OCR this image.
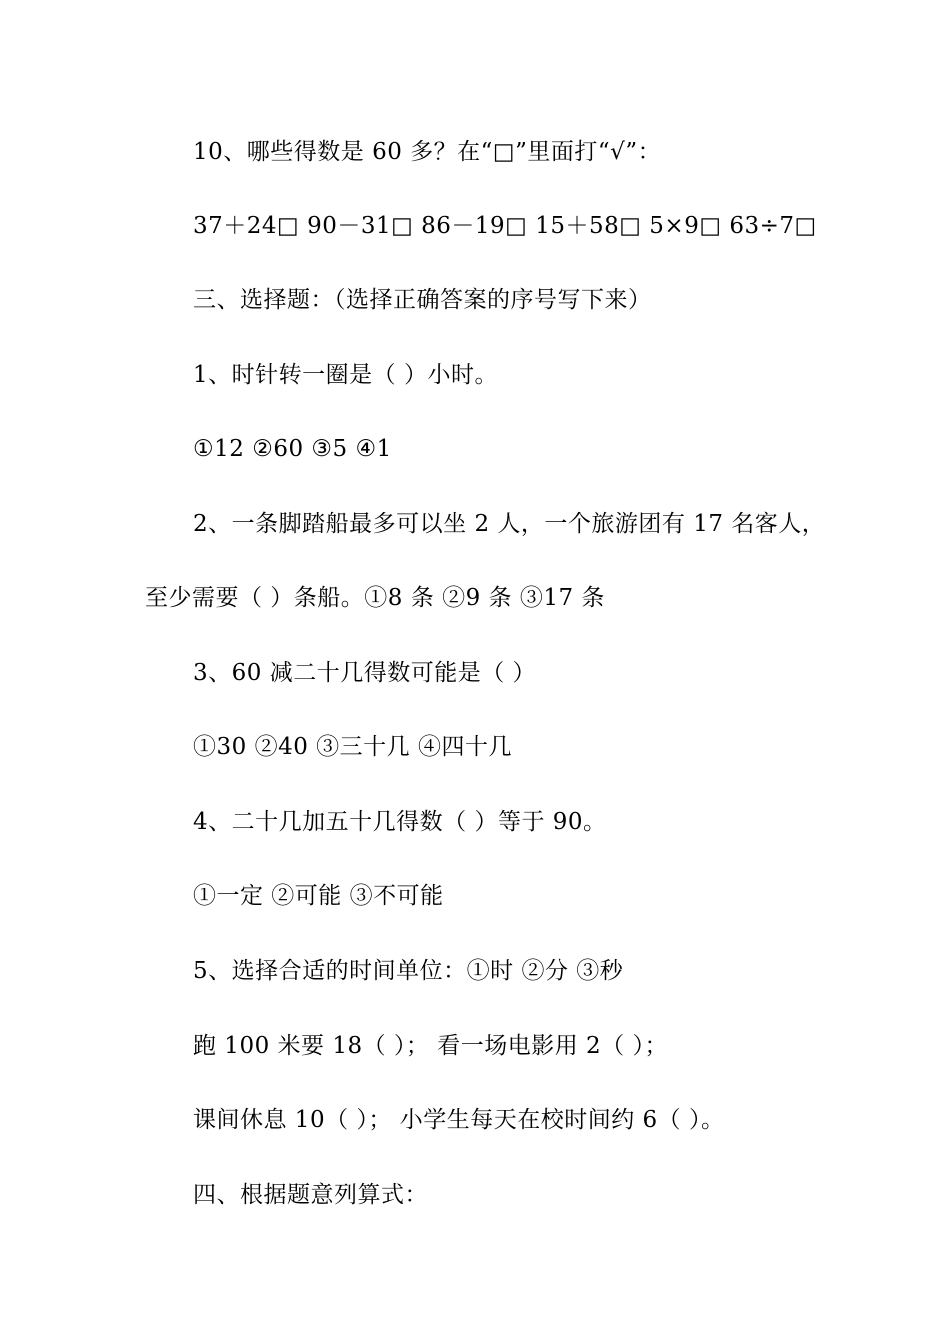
10、哪些得数是 60 多？在“□”里面打“√”：
37＋24□ 90－31□ 86－19□ 15＋58□ 5×9□ 63÷7□
三、选择题：（选择正确答案的序号写下来）
1、时针转一圈是（ ）小时。
①12 ②60 ③5 ④1
2、一条脚踏船最多可以坐 2 人，一个旅游团有 17 名客人，
至少需要（ ）条船。①8 条 ②9 条 ③17 条
3、60 减二十几得数可能是（ ）
①30 ②40 ③三十几 ④四十几
4、二十几加五十几得数（ ）等于 90。
①一定 ②可能 ③不可能
5、选择合适的时间单位：①时 ②分 ③秒
跑 100 米要 18（ ）； 看一场电影用 2（ ）；
课间休息 10（ ）； 小学生每天在校时间约 6（ ）。
四、根据题意列算式：
